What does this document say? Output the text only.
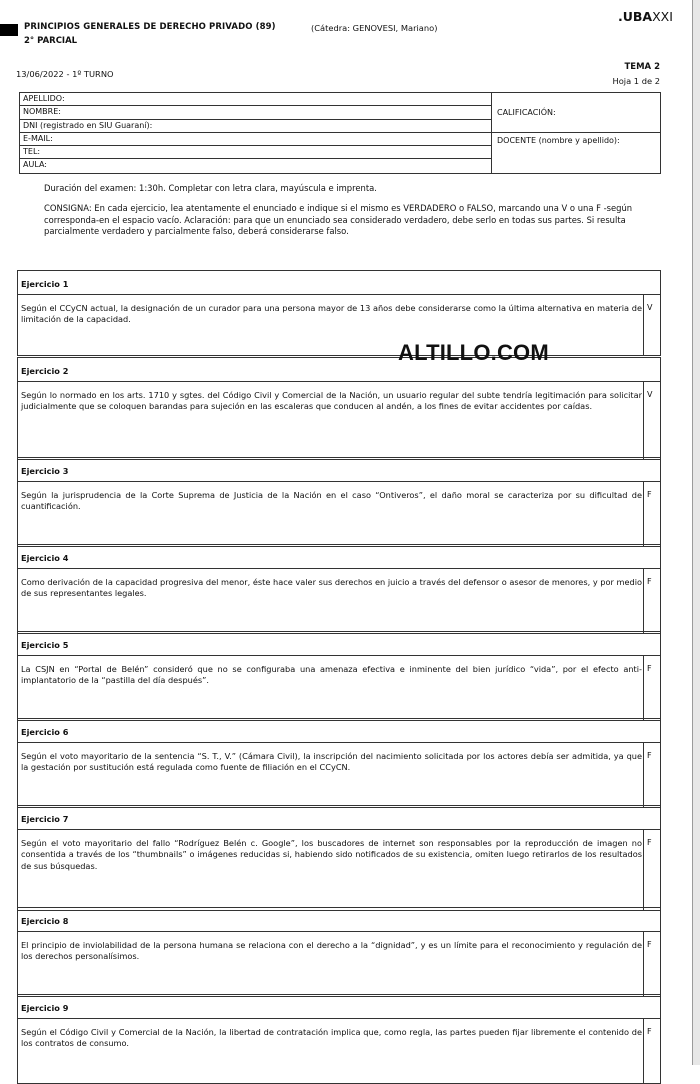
PRINCIPIOS GENERALES DE DERECHO PRIVADO (89)	(Cátedra: GENOVESI, Mariano)
2° PARCIAL
.UBAXXI
13/06/2022 - 1º TURNO
TEMA 2
Hoja 1 de 2
APELLIDO:
NOMBRE:
DNI (registrado en SIU Guaraní):
E-MAIL:
TEL:
AULA:
CALIFICACIÓN:
DOCENTE (nombre y apellido):
Duración del examen: 1:30h. Completar con letra clara, mayúscula e imprenta.
CONSIGNA: En cada ejercicio, lea atentamente el enunciado e indique si el mismo es VERDADERO o FALSO, marcando una V o una F -según corresponda-en el espacio vacío. Aclaración: para que un enunciado sea considerado verdadero, debe serlo en todas sus partes. Si resulta parcialmente verdadero y parcialmente falso, deberá considerarse falso.
Ejercicio 1
Según el CCyCN actual, la designación de un curador para una persona mayor de 13 años debe considerarse como la última alternativa en materia de limitación de la capacidad.
V
Ejercicio 2
Según lo normado en los arts. 1710 y sgtes. del Código Civil y Comercial de la Nación, un usuario regular del subte tendría legitimación para solicitar judicialmente que se coloquen barandas para sujeción en las escaleras que conducen al andén, a los fines de evitar accidentes por caídas.
V
Ejercicio 3
Según la jurisprudencia de la Corte Suprema de Justicia de la Nación en el caso “Ontiveros”, el daño moral se caracteriza por su dificultad de cuantificación.
F
Ejercicio 4
Como derivación de la capacidad progresiva del menor, éste hace valer sus derechos en juicio a través del defensor o asesor de menores, y por medio de sus representantes legales.
F
Ejercicio 5
La CSJN en “Portal de Belén” consideró que no se configuraba una amenaza efectiva e inminente del bien jurídico “vida”, por el efecto anti-implantatorio de la “pastilla del día después”.
F
Ejercicio 6
Según el voto mayoritario de la sentencia “S. T., V.” (Cámara Civil), la inscripción del nacimiento solicitada por los actores debía ser admitida, ya que la gestación por sustitución está regulada como fuente de filiación en el CCyCN.
F
Ejercicio 7
Según el voto mayoritario del fallo “Rodríguez Belén c. Google”, los buscadores de internet son responsables por la reproducción de imagen no consentida a través de los “thumbnails” o imágenes reducidas si, habiendo sido notificados de su existencia, omiten luego retirarlos de los resultados de sus búsquedas.
F
Ejercicio 8
El principio de inviolabilidad de la persona humana se relaciona con el derecho a la “dignidad”, y es un límite para el reconocimiento y regulación de los derechos personalísimos.
F
Ejercicio 9
Según el Código Civil y Comercial de la Nación, la libertad de contratación implica que, como regla, las partes pueden fijar libremente el contenido de los contratos de consumo.
F
ALTILLO.COM
